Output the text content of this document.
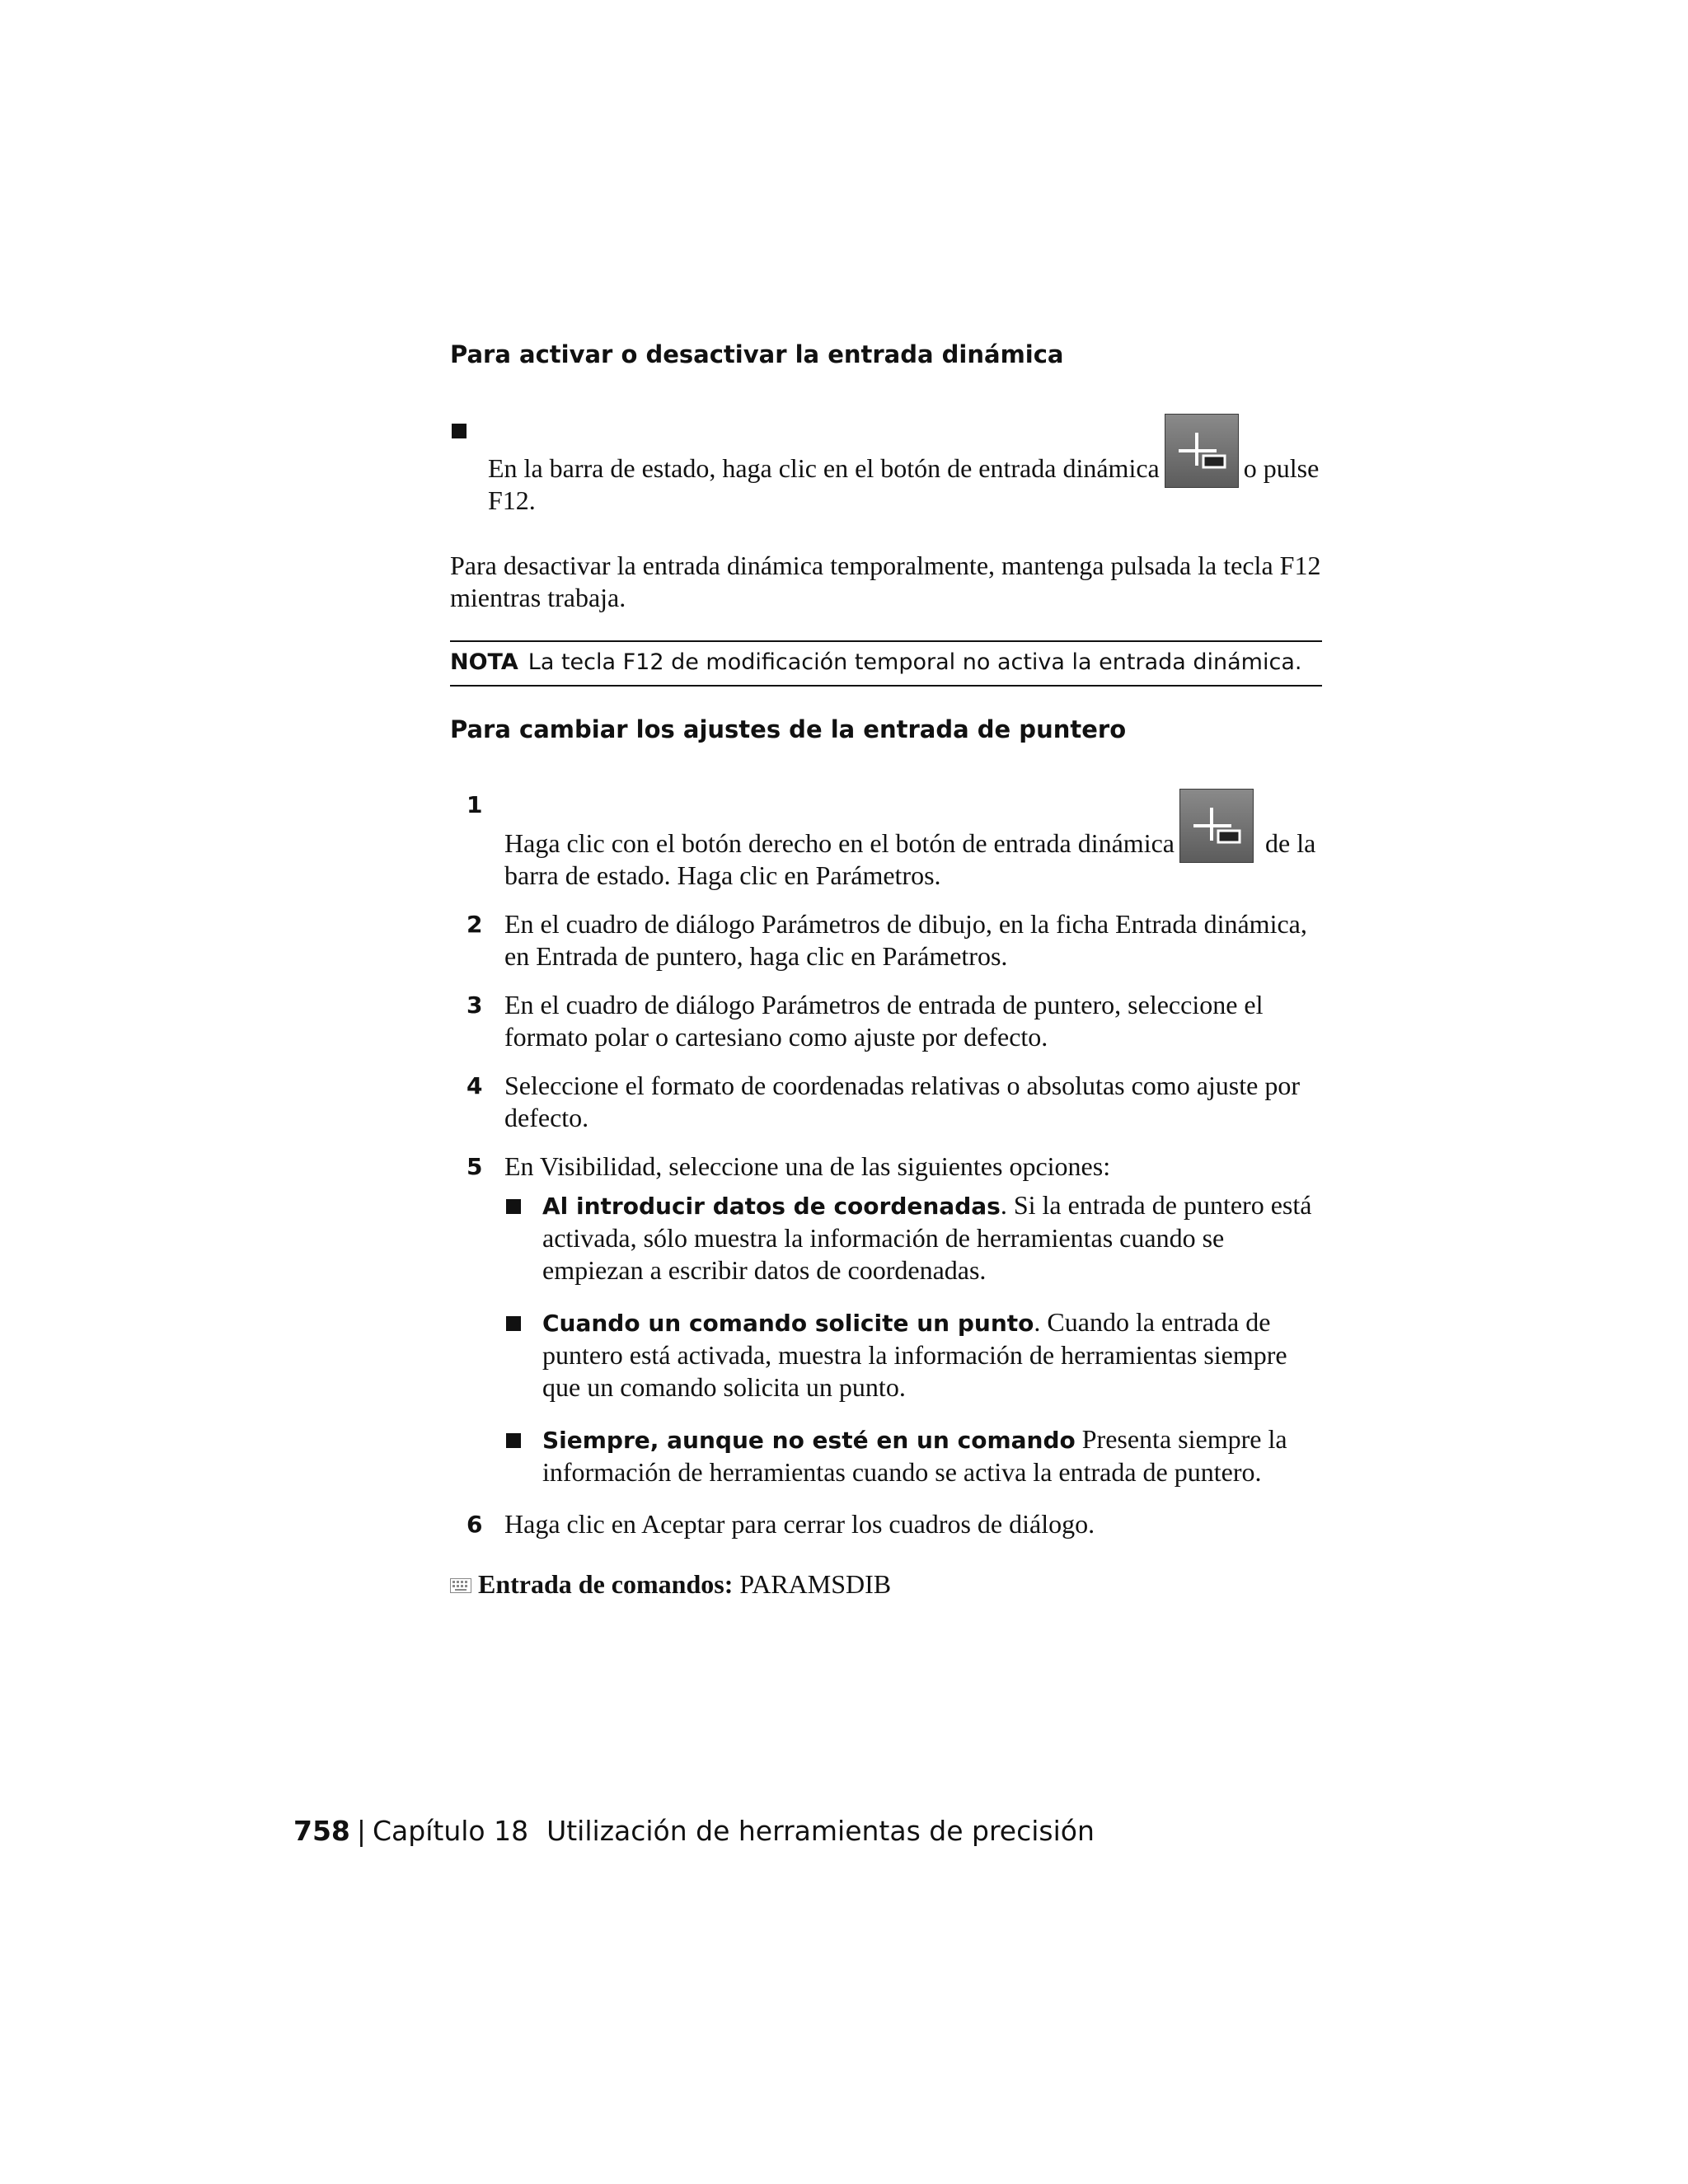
Para activar o desactivar la entrada dinámica
En la barra de estado, haga clic en el botón de entrada dinámica	o pulse F12.

Para desactivar la entrada dinámica temporalmente, mantenga pulsada la tecla F12 mientras trabaja.

NOTA La tecla F12 de modificación temporal no activa la entrada dinámica.
Para cambiar los ajustes de la entrada de puntero
1
Haga clic con el botón derecho en el botón de entrada dinámica	de la barra de estado. Haga clic en Parámetros.
2 En el cuadro de diálogo Parámetros de dibujo, en la ficha Entrada dinámica, en Entrada de puntero, haga clic en Parámetros.
3 En el cuadro de diálogo Parámetros de entrada de puntero, seleccione el formato polar o cartesiano como ajuste por defecto.
4 Seleccione el formato de coordenadas relativas o absolutas como ajuste por defecto.
5 En Visibilidad, seleccione una de las siguientes opciones:
Al introducir datos de coordenadas. Si la entrada de puntero está activada, sólo muestra la información de herramientas cuando se empiezan a escribir datos de coordenadas.
Cuando un comando solicite un punto. Cuando la entrada de puntero está activada, muestra la información de herramientas siempre que un comando solicita un punto.
Siempre, aunque no esté en un comando Presenta siempre la información de herramientas cuando se activa la entrada de puntero.
6 Haga clic en Aceptar para cerrar los cuadros de diálogo.
Entrada de comandos: PARAMSDIB
758 | Capítulo 18 Utilización de herramientas de precisión
